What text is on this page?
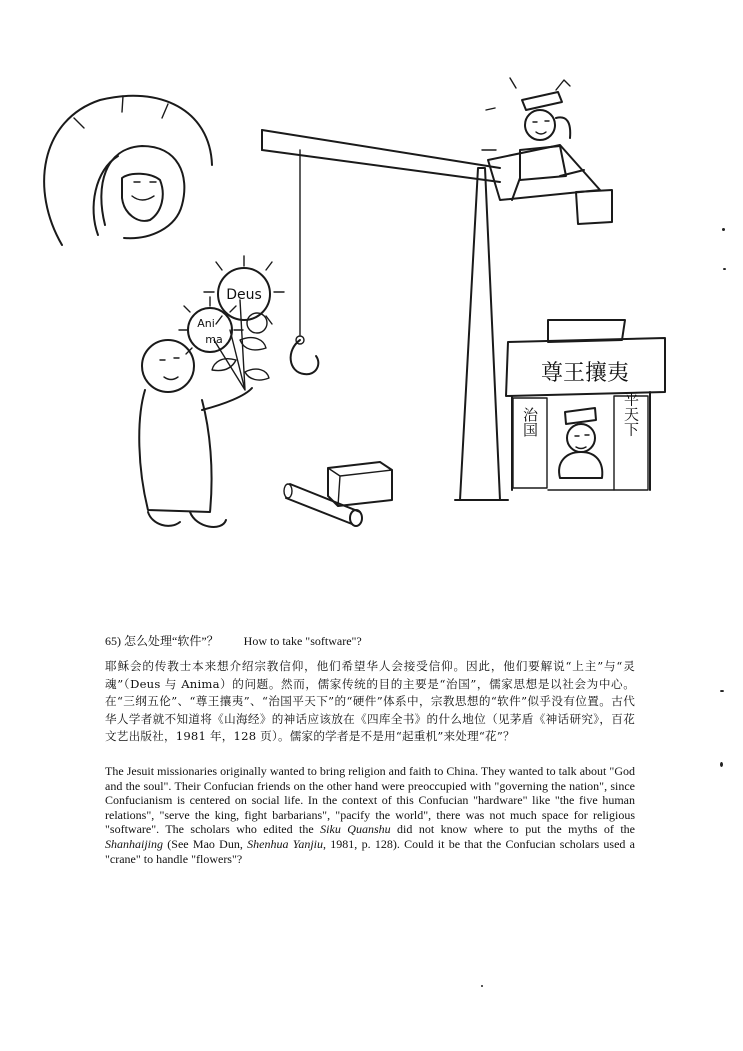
Deus
Ani
ma
尊王攘夷
治国	平天下
65) 怎么处理“软件”？ How to take "software"?
耶稣会的传教士本来想介绍宗教信仰，他们希望华人会接受信仰。因此，他们要解说“上主”与“灵魂”（Deus 与 Anima）的问题。然而，儒家传统的目的主要是“治国”，儒家思想是以社会为中心。在“三纲五伦”、“尊王攘夷”、“治国平天下”的“硬件”体系中，宗教思想的“软件”似乎没有位置。古代华人学者就不知道将《山海经》的神话应该放在《四库全书》的什么地位（见茅盾《神话研究》，百花文艺出版社，1981 年，128 页）。儒家的学者是不是用“起重机”来处理“花”？
The Jesuit missionaries originally wanted to bring religion and faith to China. They wanted to talk about "God and the soul". Their Confucian friends on the other hand were preoccupied with "governing the nation", since Confucianism is centered on social life. In the context of this Confucian "hardware" like "the five human relations", "serve the king, fight barbarians", "pacify the world", there was not much space for religious "software". The scholars who edited the Siku Quanshu did not know where to put the myths of the Shanhaijing (See Mao Dun, Shenhua Yanjiu, 1981, p. 128). Could it be that the Confucian scholars used a "crane" to handle "flowers"?
